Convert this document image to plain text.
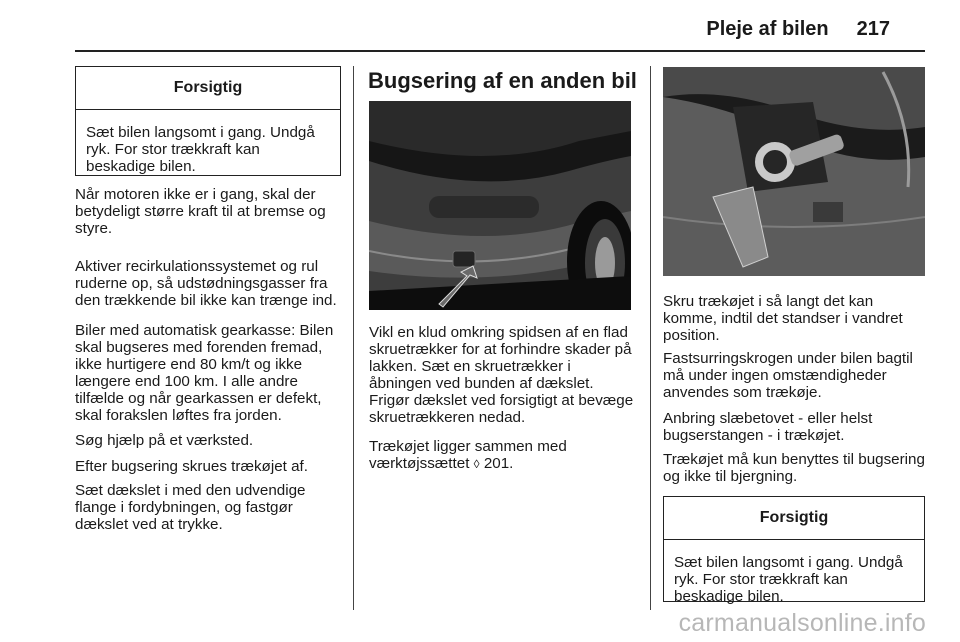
Pleje af bilen 217
Forsigtig
Sæt bilen langsomt i gang. Undgå ryk. For stor trækkraft kan beskadige bilen.

Når motoren ikke er i gang, skal der betydeligt større kraft til at bremse og styre.

Aktiver recirkulationssystemet og rul ruderne op, så udstødningsgasser fra den trækkende bil ikke kan trænge ind.

Biler med automatisk gearkasse: Bilen skal bugseres med forenden fremad, ikke hurtigere end 80 km/t og ikke længere end 100 km. I alle andre tilfælde og når gearkassen er defekt, skal forakslen løftes fra jorden.

Søg hjælp på et værksted.

Efter bugsering skrues trækøjet af.

Sæt dækslet i med den udvendige flange i fordybningen, og fastgør dækslet ved at trykke.

Bugsering af en anden bil

Vikl en klud omkring spidsen af en flad skruetrækker for at forhindre skader på lakken. Sæt en skruetrækker i åbningen ved bunden af dækslet. Frigør dækslet ved forsigtigt at bevæge skruetrækkeren nedad.

Trækøjet ligger sammen med værktøjssættet ◊ 201.

Skru trækøjet i så langt det kan komme, indtil det standser i vandret position.

Fastsurringskrogen under bilen bagtil må under ingen omstændigheder anvendes som trækøje.

Anbring slæbetovet - eller helst bugserstangen - i trækøjet.

Trækøjet må kun benyttes til bugsering og ikke til bjergning.

Forsigtig
Sæt bilen langsomt i gang. Undgå ryk. For stor trækkraft kan beskadige bilen.
carmanualsonline.info
